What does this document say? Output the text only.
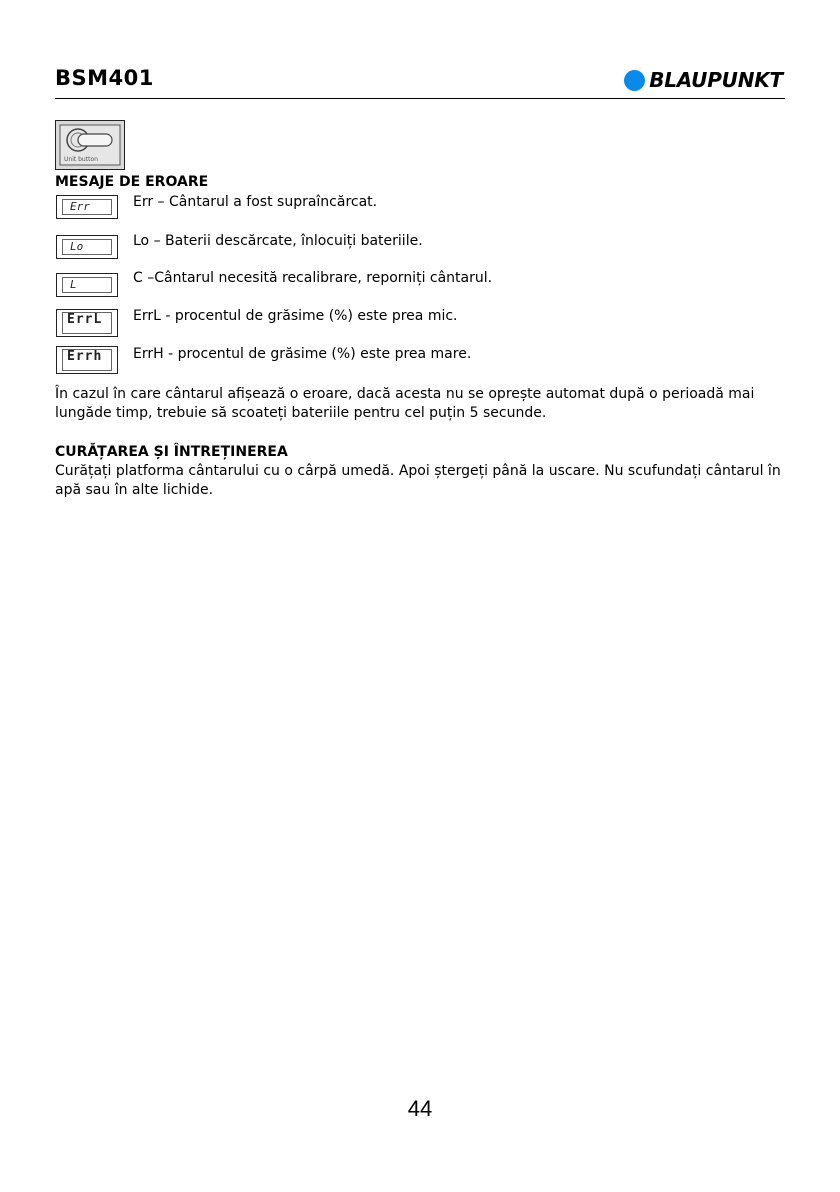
BSM401	BLAUPUNKT
Unit button
MESAJE DE EROARE
Err	Err – Cântarul a fost supraîncărcat.
Lo	Lo – Baterii descărcate, înlocuiți bateriile.
L	C –Cântarul necesită recalibrare, reporniți cântarul.
ErrL	ErrL - procentul de grăsime (%) este prea mic.
Errh	ErrH - procentul de grăsime (%) este prea mare.
În cazul în care cântarul afișează o eroare, dacă acesta nu se oprește automat după o perioadă mai
lungăde timp, trebuie să scoateți bateriile pentru cel puțin 5 secunde.
CURĂȚAREA ȘI ÎNTREȚINEREA
Curățați platforma cântarului cu o cârpă umedă. Apoi ștergeți până la uscare. Nu scufundați cântarul în
apă sau în alte lichide.
44
